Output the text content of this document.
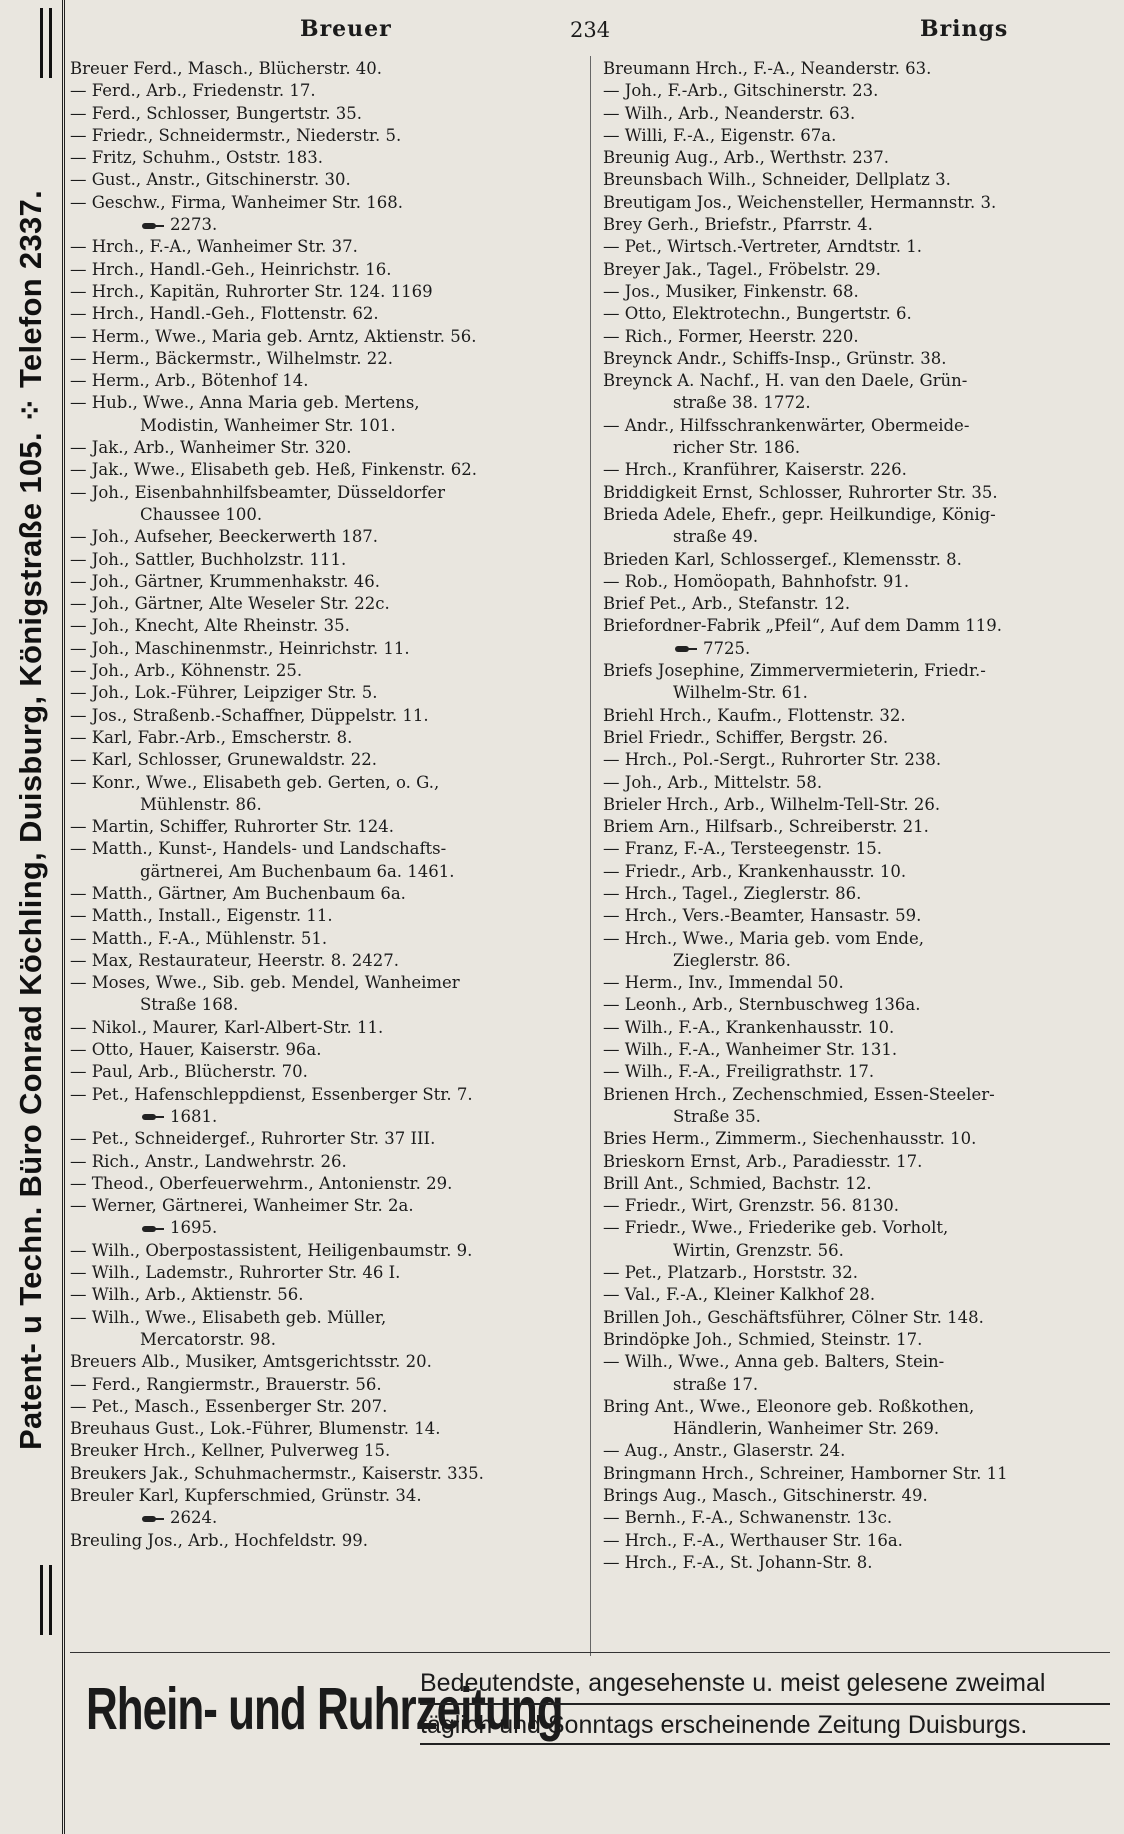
Patent- u Techn. Büro Conrad Köchling, Duisburg, Königstraße 105. ⁘ Telefon 2337.
Breuer	234	Brings
Breuer Ferd., Masch., Blücherstr. 40.
— Ferd., Arb., Friedenstr. 17.
— Ferd., Schlosser, Bungertstr. 35.
— Friedr., Schneidermstr., Niederstr. 5.
— Fritz, Schuhm., Oststr. 183.
— Gust., Anstr., Gitschinerstr. 30.
— Geschw., Firma, Wanheimer Str. 168.
2273.
— Hrch., F.-A., Wanheimer Str. 37.
— Hrch., Handl.-Geh., Heinrichstr. 16.
— Hrch., Kapitän, Ruhrorter Str. 124. 1169
— Hrch., Handl.-Geh., Flottenstr. 62.
— Herm., Wwe., Maria geb. Arntz, Aktienstr. 56.
— Herm., Bäckermstr., Wilhelmstr. 22.
— Herm., Arb., Bötenhof 14.
— Hub., Wwe., Anna Maria geb. Mertens,
Modistin, Wanheimer Str. 101.
— Jak., Arb., Wanheimer Str. 320.
— Jak., Wwe., Elisabeth geb. Heß, Finkenstr. 62.
— Joh., Eisenbahnhilfsbeamter, Düsseldorfer
Chaussee 100.
— Joh., Aufseher, Beeckerwerth 187.
— Joh., Sattler, Buchholzstr. 111.
— Joh., Gärtner, Krummenhakstr. 46.
— Joh., Gärtner, Alte Weseler Str. 22c.
— Joh., Knecht, Alte Rheinstr. 35.
— Joh., Maschinenmstr., Heinrichstr. 11.
— Joh., Arb., Köhnenstr. 25.
— Joh., Lok.-Führer, Leipziger Str. 5.
— Jos., Straßenb.-Schaffner, Düppelstr. 11.
— Karl, Fabr.-Arb., Emscherstr. 8.
— Karl, Schlosser, Grunewaldstr. 22.
— Konr., Wwe., Elisabeth geb. Gerten, o. G.,
Mühlenstr. 86.
— Martin, Schiffer, Ruhrorter Str. 124.
— Matth., Kunst-, Handels- und Landschafts-
gärtnerei, Am Buchenbaum 6a. 1461.
— Matth., Gärtner, Am Buchenbaum 6a.
— Matth., Install., Eigenstr. 11.
— Matth., F.-A., Mühlenstr. 51.
— Max, Restaurateur, Heerstr. 8. 2427.
— Moses, Wwe., Sib. geb. Mendel, Wanheimer
Straße 168.
— Nikol., Maurer, Karl-Albert-Str. 11.
— Otto, Hauer, Kaiserstr. 96a.
— Paul, Arb., Blücherstr. 70.
— Pet., Hafenschleppdienst, Essenberger Str. 7.
1681.
— Pet., Schneidergef., Ruhrorter Str. 37 III.
— Rich., Anstr., Landwehrstr. 26.
— Theod., Oberfeuerwehrm., Antonienstr. 29.
— Werner, Gärtnerei, Wanheimer Str. 2a.
1695.
— Wilh., Oberpostassistent, Heiligenbaumstr. 9.
— Wilh., Lademstr., Ruhrorter Str. 46 I.
— Wilh., Arb., Aktienstr. 56.
— Wilh., Wwe., Elisabeth geb. Müller,
Mercatorstr. 98.
Breuers Alb., Musiker, Amtsgerichtsstr. 20.
— Ferd., Rangiermstr., Brauerstr. 56.
— Pet., Masch., Essenberger Str. 207.
Breuhaus Gust., Lok.-Führer, Blumenstr. 14.
Breuker Hrch., Kellner, Pulverweg 15.
Breukers Jak., Schuhmachermstr., Kaiserstr. 335.
Breuler Karl, Kupferschmied, Grünstr. 34.
2624.
Breuling Jos., Arb., Hochfeldstr. 99.
Breumann Hrch., F.-A., Neanderstr. 63.
— Joh., F.-Arb., Gitschinerstr. 23.
— Wilh., Arb., Neanderstr. 63.
— Willi, F.-A., Eigenstr. 67a.
Breunig Aug., Arb., Werthstr. 237.
Breunsbach Wilh., Schneider, Dellplatz 3.
Breutigam Jos., Weichensteller, Hermannstr. 3.
Brey Gerh., Briefstr., Pfarrstr. 4.
— Pet., Wirtsch.-Vertreter, Arndtstr. 1.
Breyer Jak., Tagel., Fröbelstr. 29.
— Jos., Musiker, Finkenstr. 68.
— Otto, Elektrotechn., Bungertstr. 6.
— Rich., Former, Heerstr. 220.
Breynck Andr., Schiffs-Insp., Grünstr. 38.
Breynck A. Nachf., H. van den Daele, Grün-
straße 38. 1772.
— Andr., Hilfsschrankenwärter, Obermeide-
richer Str. 186.
— Hrch., Kranführer, Kaiserstr. 226.
Briddigkeit Ernst, Schlosser, Ruhrorter Str. 35.
Brieda Adele, Ehefr., gepr. Heilkundige, König-
straße 49.
Brieden Karl, Schlossergef., Klemensstr. 8.
— Rob., Homöopath, Bahnhofstr. 91.
Brief Pet., Arb., Stefanstr. 12.
Briefordner-Fabrik „Pfeil“, Auf dem Damm 119.
7725.
Briefs Josephine, Zimmervermieterin, Friedr.-
Wilhelm-Str. 61.
Briehl Hrch., Kaufm., Flottenstr. 32.
Briel Friedr., Schiffer, Bergstr. 26.
— Hrch., Pol.-Sergt., Ruhrorter Str. 238.
— Joh., Arb., Mittelstr. 58.
Brieler Hrch., Arb., Wilhelm-Tell-Str. 26.
Briem Arn., Hilfsarb., Schreiberstr. 21.
— Franz, F.-A., Tersteegenstr. 15.
— Friedr., Arb., Krankenhausstr. 10.
— Hrch., Tagel., Zieglerstr. 86.
— Hrch., Vers.-Beamter, Hansastr. 59.
— Hrch., Wwe., Maria geb. vom Ende,
Zieglerstr. 86.
— Herm., Inv., Immendal 50.
— Leonh., Arb., Sternbuschweg 136a.
— Wilh., F.-A., Krankenhausstr. 10.
— Wilh., F.-A., Wanheimer Str. 131.
— Wilh., F.-A., Freiligrathstr. 17.
Brienen Hrch., Zechenschmied, Essen-Steeler-
Straße 35.
Bries Herm., Zimmerm., Siechenhausstr. 10.
Brieskorn Ernst, Arb., Paradiesstr. 17.
Brill Ant., Schmied, Bachstr. 12.
— Friedr., Wirt, Grenzstr. 56. 8130.
— Friedr., Wwe., Friederike geb. Vorholt,
Wirtin, Grenzstr. 56.
— Pet., Platzarb., Horststr. 32.
— Val., F.-A., Kleiner Kalkhof 28.
Brillen Joh., Geschäftsführer, Cölner Str. 148.
Brindöpke Joh., Schmied, Steinstr. 17.
— Wilh., Wwe., Anna geb. Balters, Stein-
straße 17.
Bring Ant., Wwe., Eleonore geb. Roßkothen,
Händlerin, Wanheimer Str. 269.
— Aug., Anstr., Glaserstr. 24.
Bringmann Hrch., Schreiner, Hamborner Str. 11
Brings Aug., Masch., Gitschinerstr. 49.
— Bernh., F.-A., Schwanenstr. 13c.
— Hrch., F.-A., Werthauser Str. 16a.
— Hrch., F.-A., St. Johann-Str. 8.
Rhein- und Ruhrzeitung
Bedeutendste, angesehenste u. meist gelesene zweimal
täglich und Sonntags erscheinende Zeitung Duisburgs.
